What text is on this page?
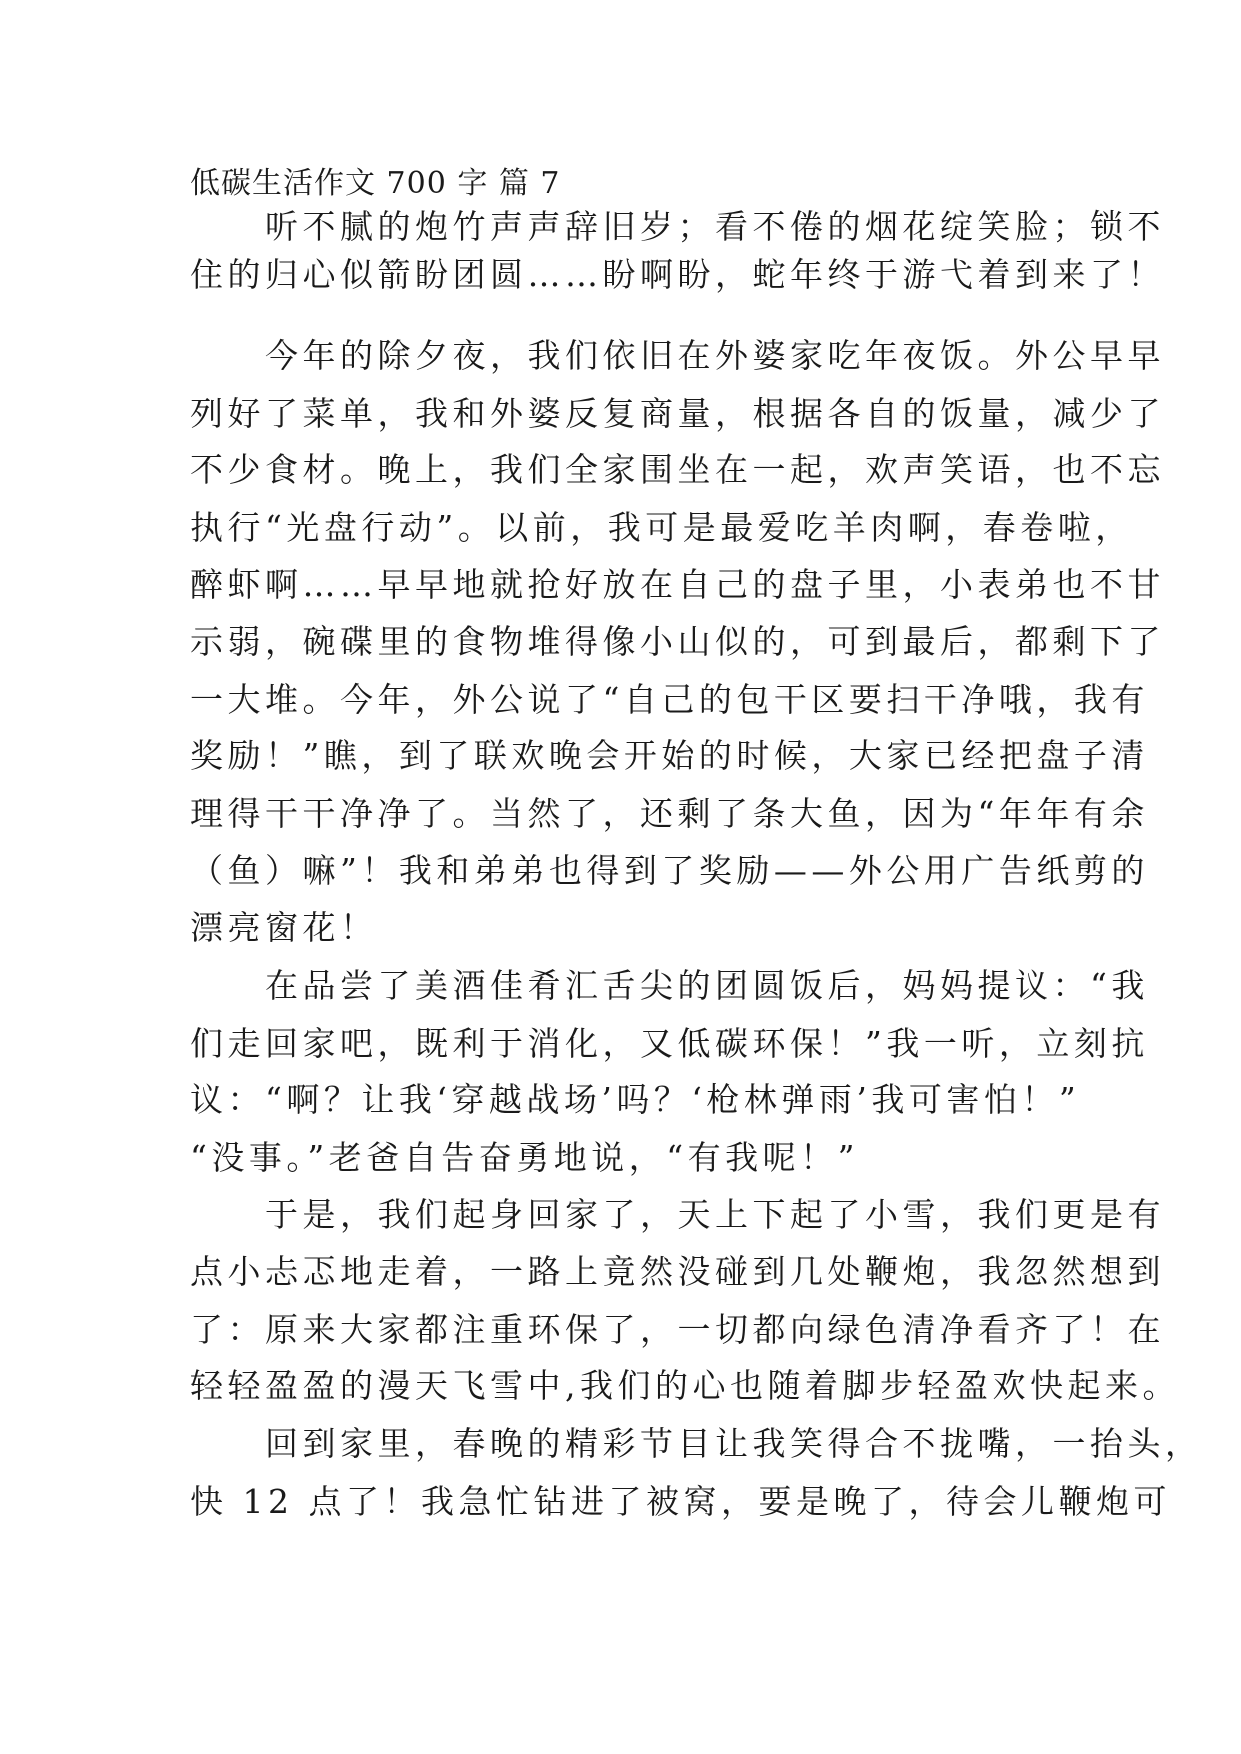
低碳生活作文 700 字 篇 7
　　听不腻的炮竹声声辞旧岁；看不倦的烟花绽笑脸；锁不
住的归心似箭盼团圆……盼啊盼，蛇年终于游弋着到来了！
　　今年的除夕夜，我们依旧在外婆家吃年夜饭。外公早早
列好了菜单，我和外婆反复商量，根据各自的饭量，减少了
不少食材。晚上，我们全家围坐在一起，欢声笑语，也不忘
执行“光盘行动”。以前，我可是最爱吃羊肉啊，春卷啦，
醉虾啊……早早地就抢好放在自己的盘子里，小表弟也不甘
示弱，碗碟里的食物堆得像小山似的，可到最后，都剩下了
一大堆。今年，外公说了“自己的包干区要扫干净哦，我有
奖励！”瞧，到了联欢晚会开始的时候，大家已经把盘子清
理得干干净净了。当然了，还剩了条大鱼，因为“年年有余
（鱼）嘛”！我和弟弟也得到了奖励——外公用广告纸剪的
漂亮窗花！
　　在品尝了美酒佳肴汇舌尖的团圆饭后，妈妈提议：“我
们走回家吧，既利于消化，又低碳环保！”我一听，立刻抗
议：“啊？让我‘穿越战场’吗？‘枪林弹雨’我可害怕！”
“没事。”老爸自告奋勇地说，“有我呢！”
　　于是，我们起身回家了，天上下起了小雪，我们更是有
点小忐忑地走着，一路上竟然没碰到几处鞭炮，我忽然想到
了：原来大家都注重环保了，一切都向绿色清净看齐了！在
轻轻盈盈的漫天飞雪中,我们的心也随着脚步轻盈欢快起来。
　　回到家里，春晚的精彩节目让我笑得合不拢嘴，一抬头，
快 12 点了！我急忙钻进了被窝，要是晚了，待会儿鞭炮可
